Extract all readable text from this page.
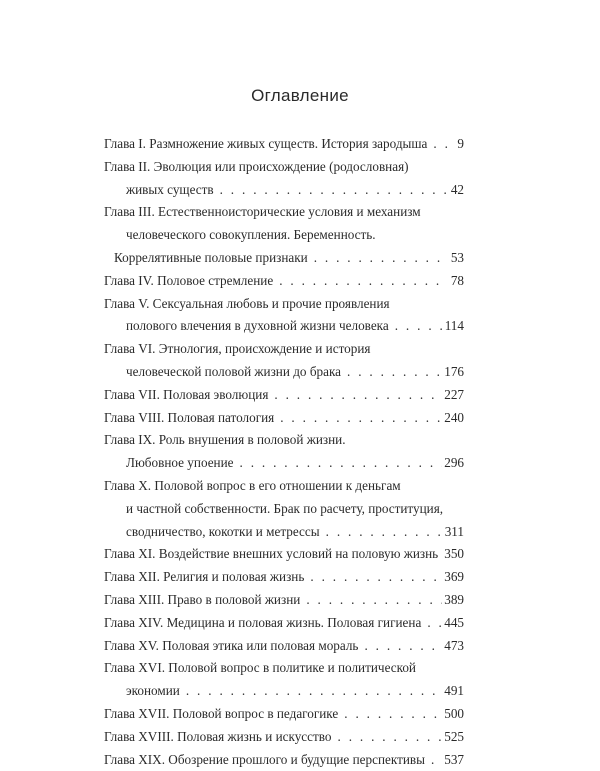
Оглавление
Глава I. Размножение живых существ. История зародыша . . .	9
Глава II. Эволюция или происхождение (родословная)
живых существ . . .	42
Глава III. Естественноисторические условия и механизм
человеческого совокупления. Беременность.
Коррелятивные половые признаки . . .	53
Глава IV. Половое стремление . . .	78
Глава V. Сексуальная любовь и прочие проявления
полового влечения в духовной жизни человека . . .	114
Глава VI. Этнология, происхождение и история
человеческой половой жизни до брака . . .	176
Глава VII. Половая эволюция . . .	227
Глава VIII. Половая патология . . .	240
Глава IX. Роль внушения в половой жизни.
Любовное упоение . . .	296
Глава X. Половой вопрос в его отношении к деньгам
и частной собственности. Брак по расчету, проституция,
сводничество, кокотки и метрессы . . .	311
Глава XI. Воздействие внешних условий на половую жизнь . . . 350
Глава XII. Религия и половая жизнь . . .	369
Глава XIII. Право в половой жизни . . .	389
Глава XIV. Медицина и половая жизнь. Половая гигиена . . . 445
Глава XV. Половая этика или половая мораль . . .	473
Глава XVI. Половой вопрос в политике и политической
экономии . . .	491
Глава XVII. Половой вопрос в педагогике . . .	500
Глава XVIII. Половая жизнь и искусство . . .	525
Глава XIX. Обозрение прошлого и будущие перспективы . . . 537
